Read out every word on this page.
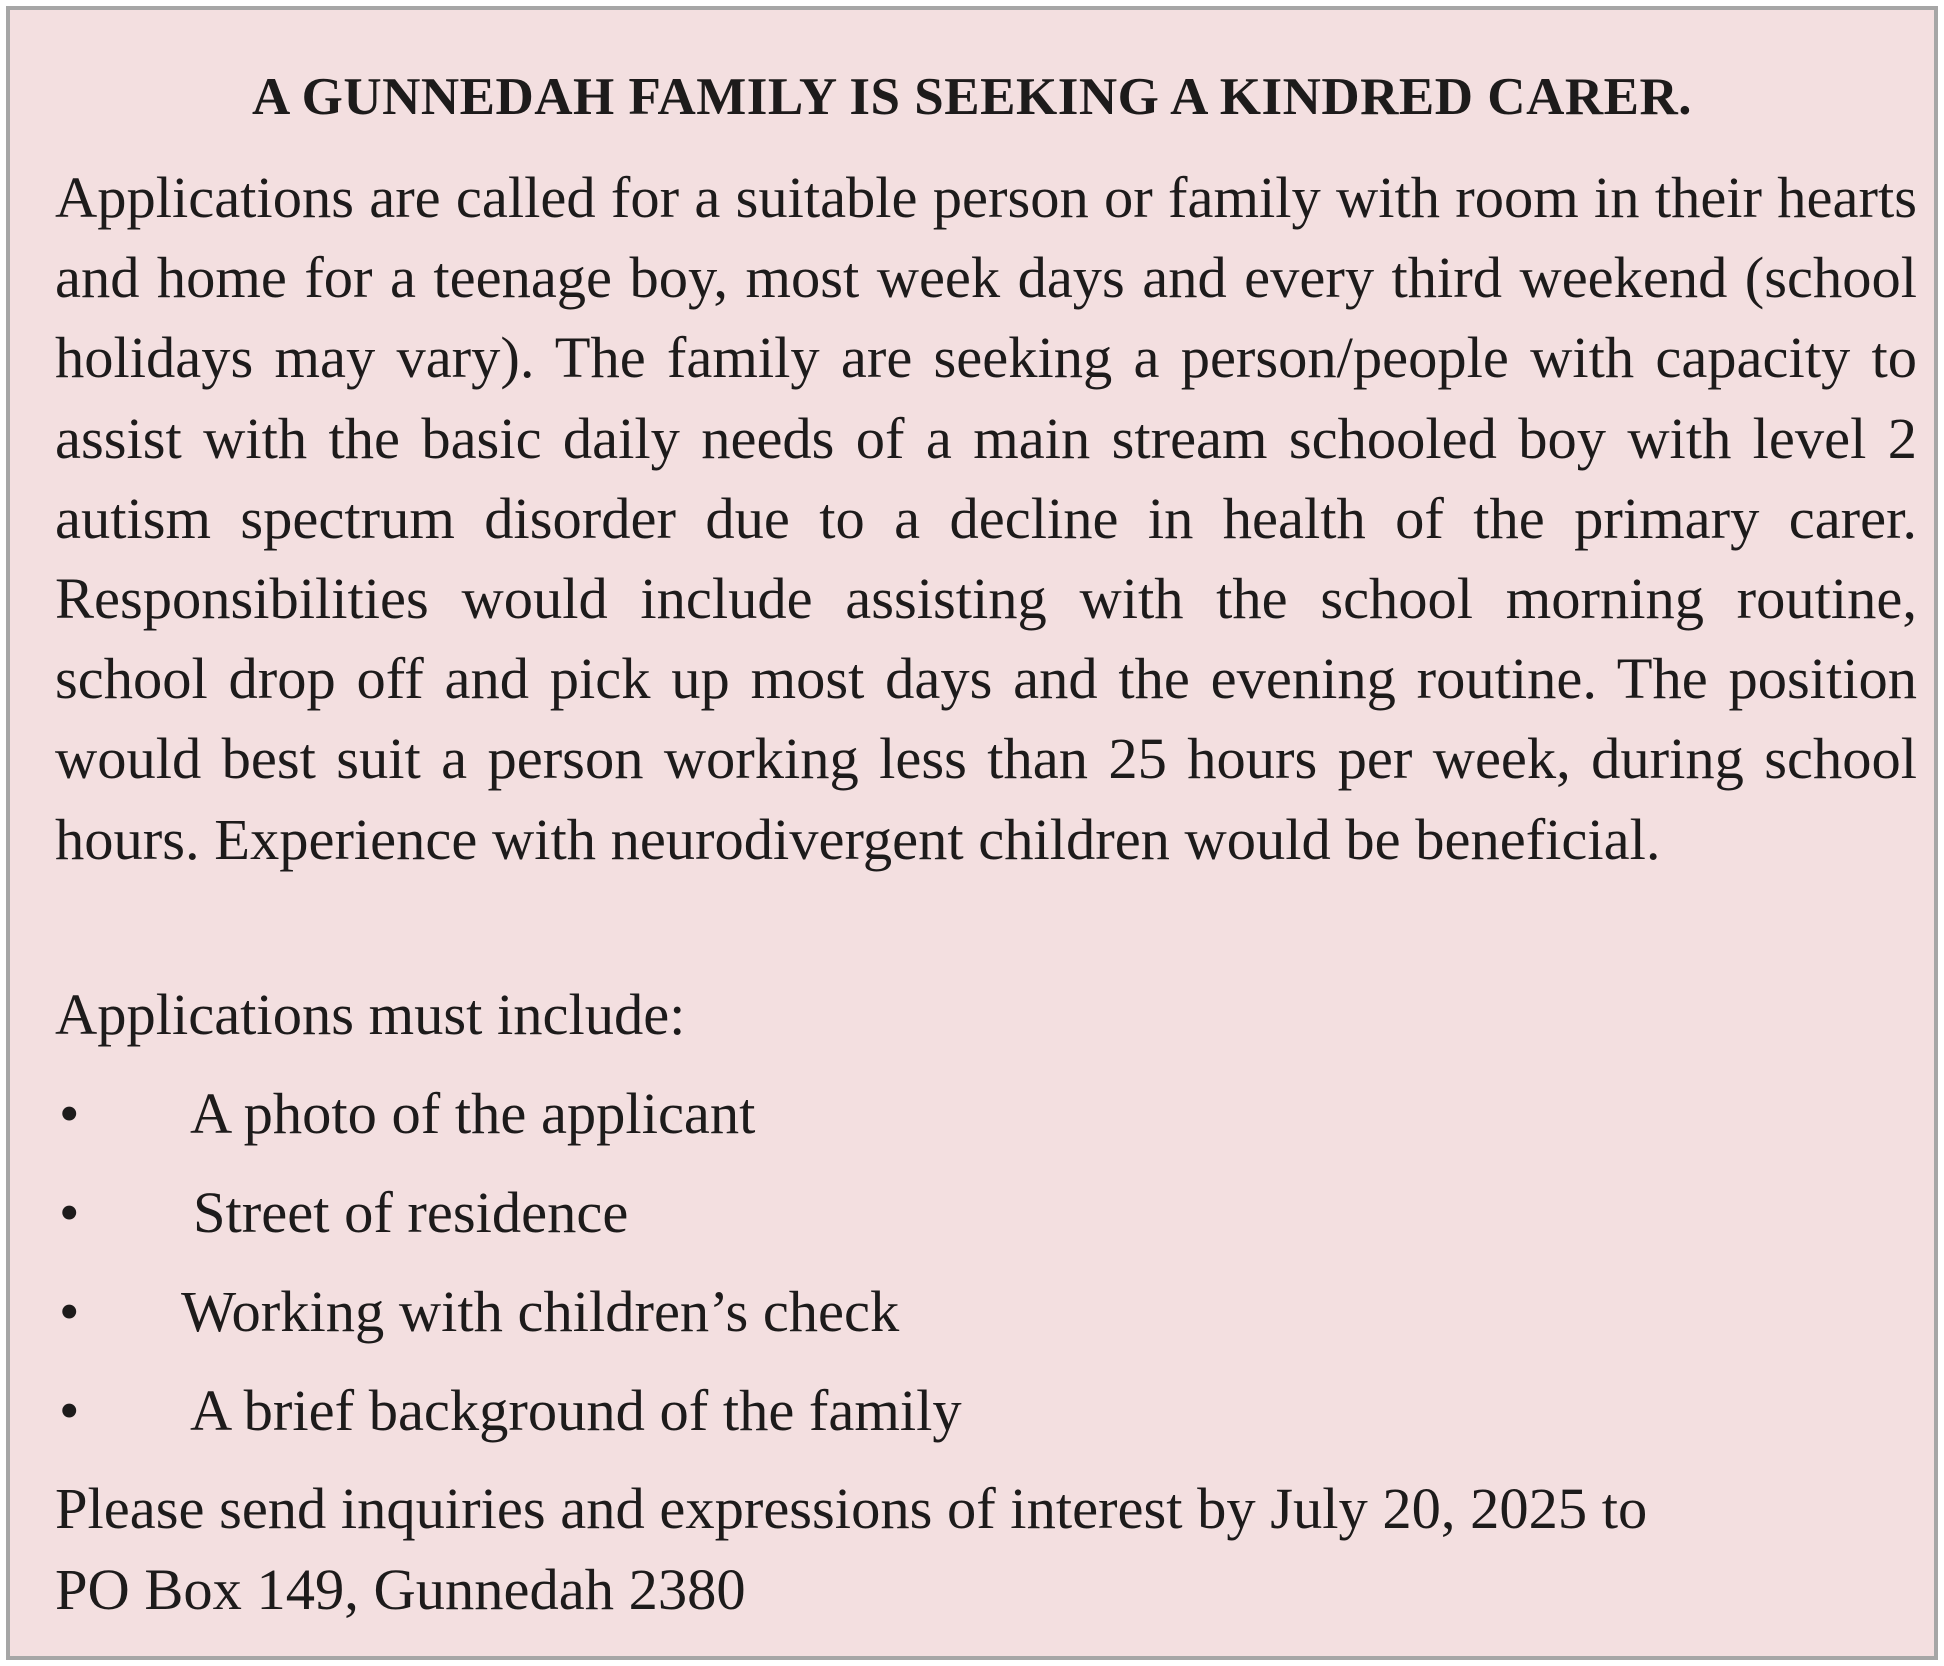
A GUNNEDAH FAMILY IS SEEKING A KINDRED CARER.

Applications are called for a suitable person or family with room in their hearts and home for a teenage boy, most week days and every third weekend (school holidays may vary). The family are seeking a person/people with capacity to assist with the basic daily needs of a main stream schooled boy with level 2 autism spectrum disorder due to a decline in health of the primary carer. Responsibilities would include assisting with the school morning routine, school drop off and pick up most days and the evening routine. The position would best suit a person working less than 25 hours per week, during school hours. Experience with neurodivergent children would be beneficial.

Applications must include:

• A photo of the applicant
• Street of residence
• Working with children’s check
• A brief background of the family

Please send inquiries and expressions of interest by July 20, 2025 to
PO Box 149, Gunnedah 2380
